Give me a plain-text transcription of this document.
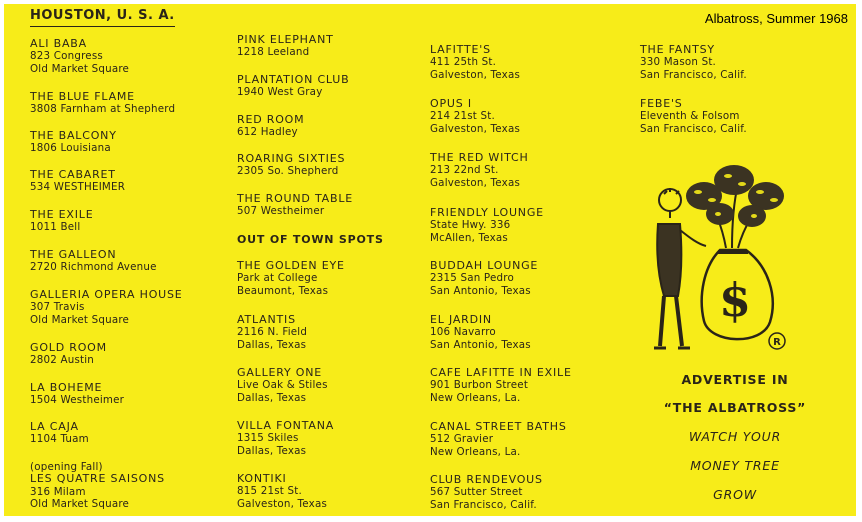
HOUSTON, U. S. A.	Albatross, Summer 1968
ALI BABA
823 Congress
Old Market Square
THE BLUE FLAME
3808 Farnham at Shepherd
THE BALCONY
1806 Louisiana
THE CABARET
534 WESTHEIMER
THE EXILE
1011 Bell
THE GALLEON
2720 Richmond Avenue
GALLERIA OPERA HOUSE
307 Travis
Old Market Square
GOLD ROOM
2802 Austin
LA BOHEME
1504 Westheimer
LA CAJA
1104 Tuam
(opening Fall)
LES QUATRE SAISONS
316 Milam
Old Market Square
PINK ELEPHANT
1218 Leeland
PLANTATION CLUB
1940 West Gray
RED ROOM
612 Hadley
ROARING SIXTIES
2305 So. Shepherd
THE ROUND TABLE
507 Westheimer
OUT OF TOWN SPOTS
THE GOLDEN EYE
Park at College
Beaumont, Texas
ATLANTIS
2116 N. Field
Dallas, Texas
GALLERY ONE
Live Oak & Stiles
Dallas, Texas
VILLA FONTANA
1315 Skiles
Dallas, Texas
KONTIKI
815 21st St.
Galveston, Texas
LAFITTE'S
411 25th St.
Galveston, Texas
OPUS I
214 21st St.
Galveston, Texas
THE RED WITCH
213 22nd St.
Galveston, Texas
FRIENDLY LOUNGE
State Hwy. 336
McAllen, Texas
BUDDAH LOUNGE
2315 San Pedro
San Antonio, Texas
EL JARDIN
106 Navarro
San Antonio, Texas
CAFE LAFITTE IN EXILE
901 Burbon Street
New Orleans, La.
CANAL STREET BATHS
512 Gravier
New Orleans, La.
CLUB RENDEVOUS
567 Sutter Street
San Francisco, Calif.
THE FANTSY
330 Mason St.
San Francisco, Calif.
FEBE'S
Eleventh & Folsom
San Francisco, Calif.
$
R
ADVERTISE IN
“THE ALBATROSS”
WATCH YOUR
MONEY TREE
GROW
